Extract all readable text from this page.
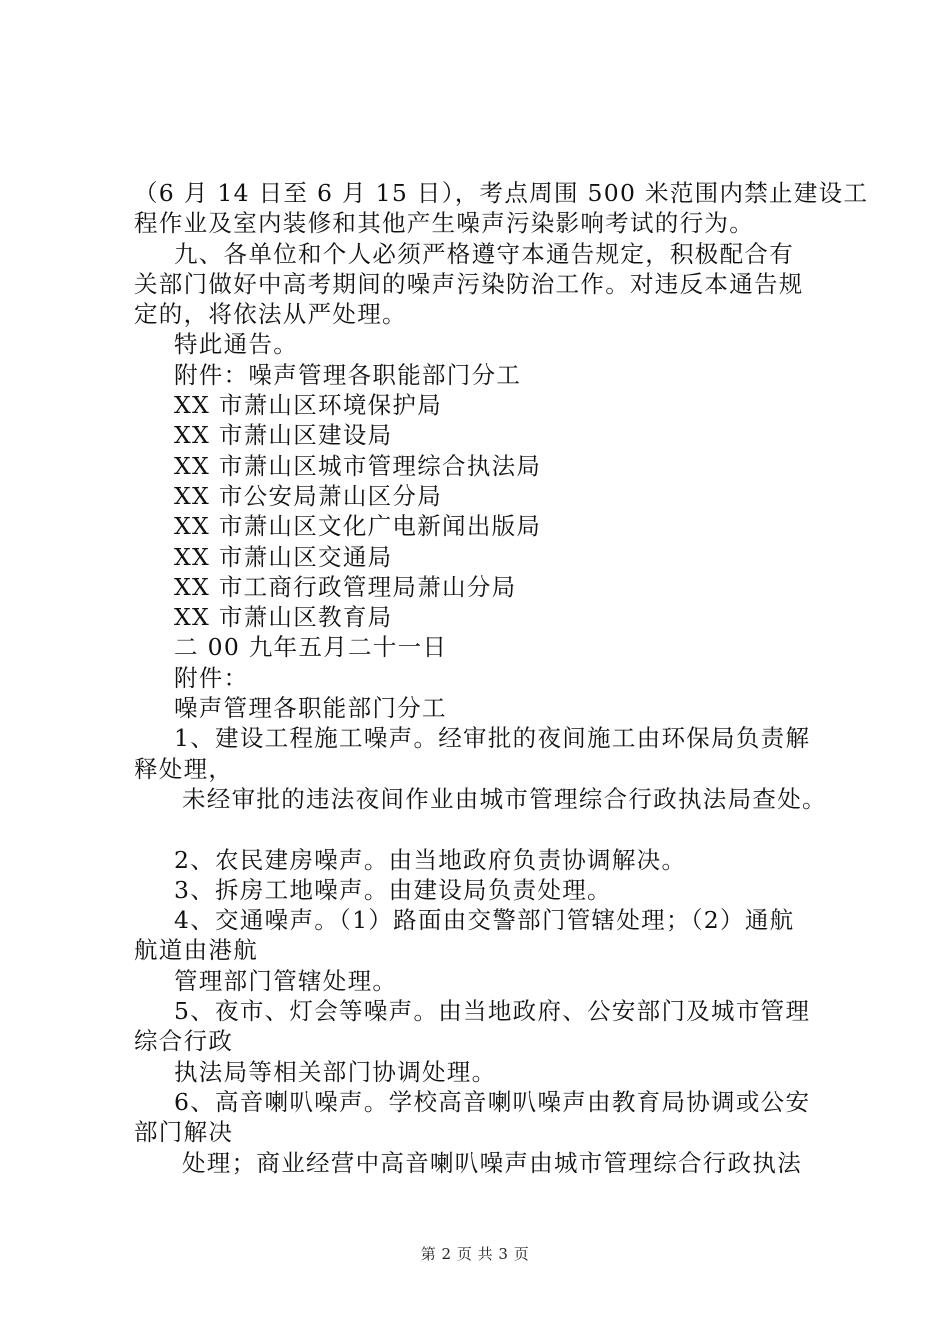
（6 月 14 日至 6 月 15 日），考点周围 500 米范围内禁止建设工
程作业及室内装修和其他产生噪声污染影响考试的行为。
九、各单位和个人必须严格遵守本通告规定，积极配合有
关部门做好中高考期间的噪声污染防治工作。对违反本通告规
定的，将依法从严处理。
特此通告。
附件：噪声管理各职能部门分工
XX 市萧山区环境保护局
XX 市萧山区建设局
XX 市萧山区城市管理综合执法局
XX 市公安局萧山区分局
XX 市萧山区文化广电新闻出版局
XX 市萧山区交通局
XX 市工商行政管理局萧山分局
XX 市萧山区教育局
二 00 九年五月二十一日
附件：
噪声管理各职能部门分工
1、建设工程施工噪声。经审批的夜间施工由环保局负责解
释处理，
未经审批的违法夜间作业由城市管理综合行政执法局查处。
2、农民建房噪声。由当地政府负责协调解决。
3、拆房工地噪声。由建设局负责处理。
4、交通噪声。（1）路面由交警部门管辖处理；（2）通航
航道由港航
管理部门管辖处理。
5、夜市、灯会等噪声。由当地政府、公安部门及城市管理
综合行政
执法局等相关部门协调处理。
6、高音喇叭噪声。学校高音喇叭噪声由教育局协调或公安
部门解决
处理；商业经营中高音喇叭噪声由城市管理综合行政执法
第 2 页 共 3 页
